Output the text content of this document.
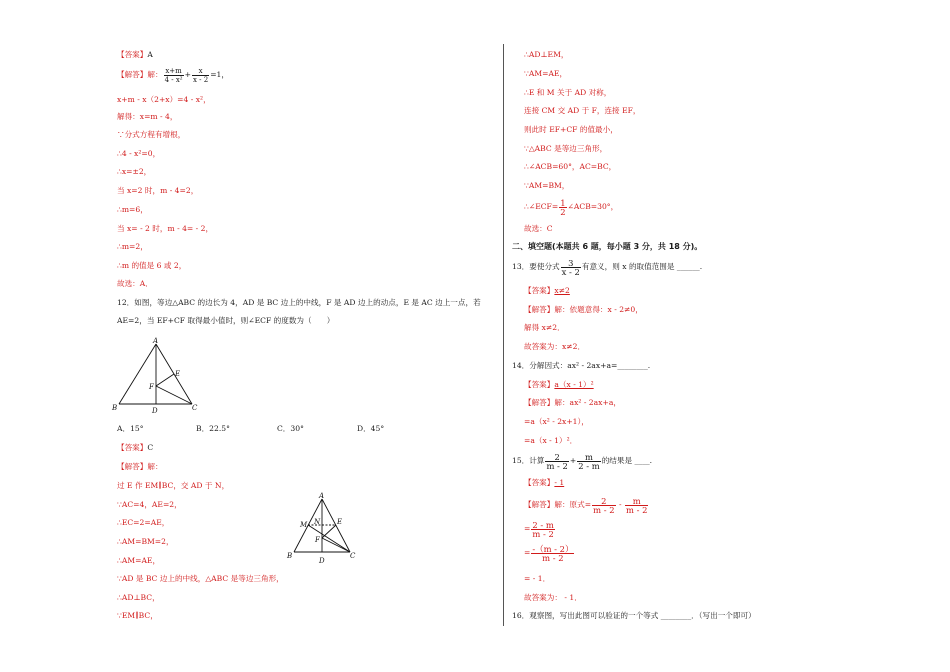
【答案】A
【解答】解： $\frac{x+m}{\text{4 - x²}} + \frac{x}{x - 2} =1$，
x+m - x（2+x）=4 - x²，
解得：x=m - 4，
∵分式方程有增根，
∴4 - x²=0，
∴x=±2，
当 x=2 时，m - 4=2，
∴m=6，
当 x= - 2 时，m - 4= - 2，
∴m=2，
∴m 的值是 6 或 2，
故选：A．
12．如图，等边△ABC 的边长为 4，AD 是 BC 边上的中线，F 是 AD 边上的动点，E 是 AC 边上一点，若
AE=2，当 EF+CF 取得最小值时，则∠ECF 的度数为（　　）
A
B	C
D
E
F
A．15°	B．22.5°	C．30°	D．45°
【答案】C
【解答】解：
过 E 作 EM∥BC，交 AD 于 N，
∵AC=4，AE=2，
∴EC=2=AE，
∴AM=BM=2，
∴AM=AE，
∵AD 是 BC 边上的中线，△ABC 是等边三角形，
∴AD⊥BC，
∵EM∥BC，
A
B	C
D
E
F
M N
∴AD⊥EM，
∵AM=AE，
∴E 和 M 关于 AD 对称，
连接 CM 交 AD 于 F，连接 EF，
则此时 EF+CF 的值最小，
∵△ABC 是等边三角形，
∴∠ACB=60°，AC=BC，
∵AM=BM，
∴∠ECF= $\frac{1}{2}$ ∠ACB=30°，
故选：C
二、填空题(本题共 6 题，每小题 3 分，共 18 分)。
13．要使分式 $\frac{3}{x - 2}$ 有意义，则 x 的取值范围是 ______.
【答案】x≠2
【解答】解：依题意得：x - 2≠0，
解得 x≠2．
故答案为：x≠2．
14．分解因式：ax² - 2ax+a=________.
【答案】a（x - 1）²
【解答】解：ax² - 2ax+a，
=a（x² - 2x+1），
=a（x - 1）²．
15．计算 $\frac{2}{m - 2} + \frac{m}{2 - m}$ 的结果是 ____.
【答案】- 1
【解答】解：原式= $\frac{2}{m - 2} - \frac{m}{m - 2}$
= $\frac{2 - m}{m - 2}$
= $\frac{-(m - 2)}{m - 2}$
= - 1．
故答案为： - 1．
16．观察图，写出此图可以验证的一个等式 ________．（写出一个即可）
